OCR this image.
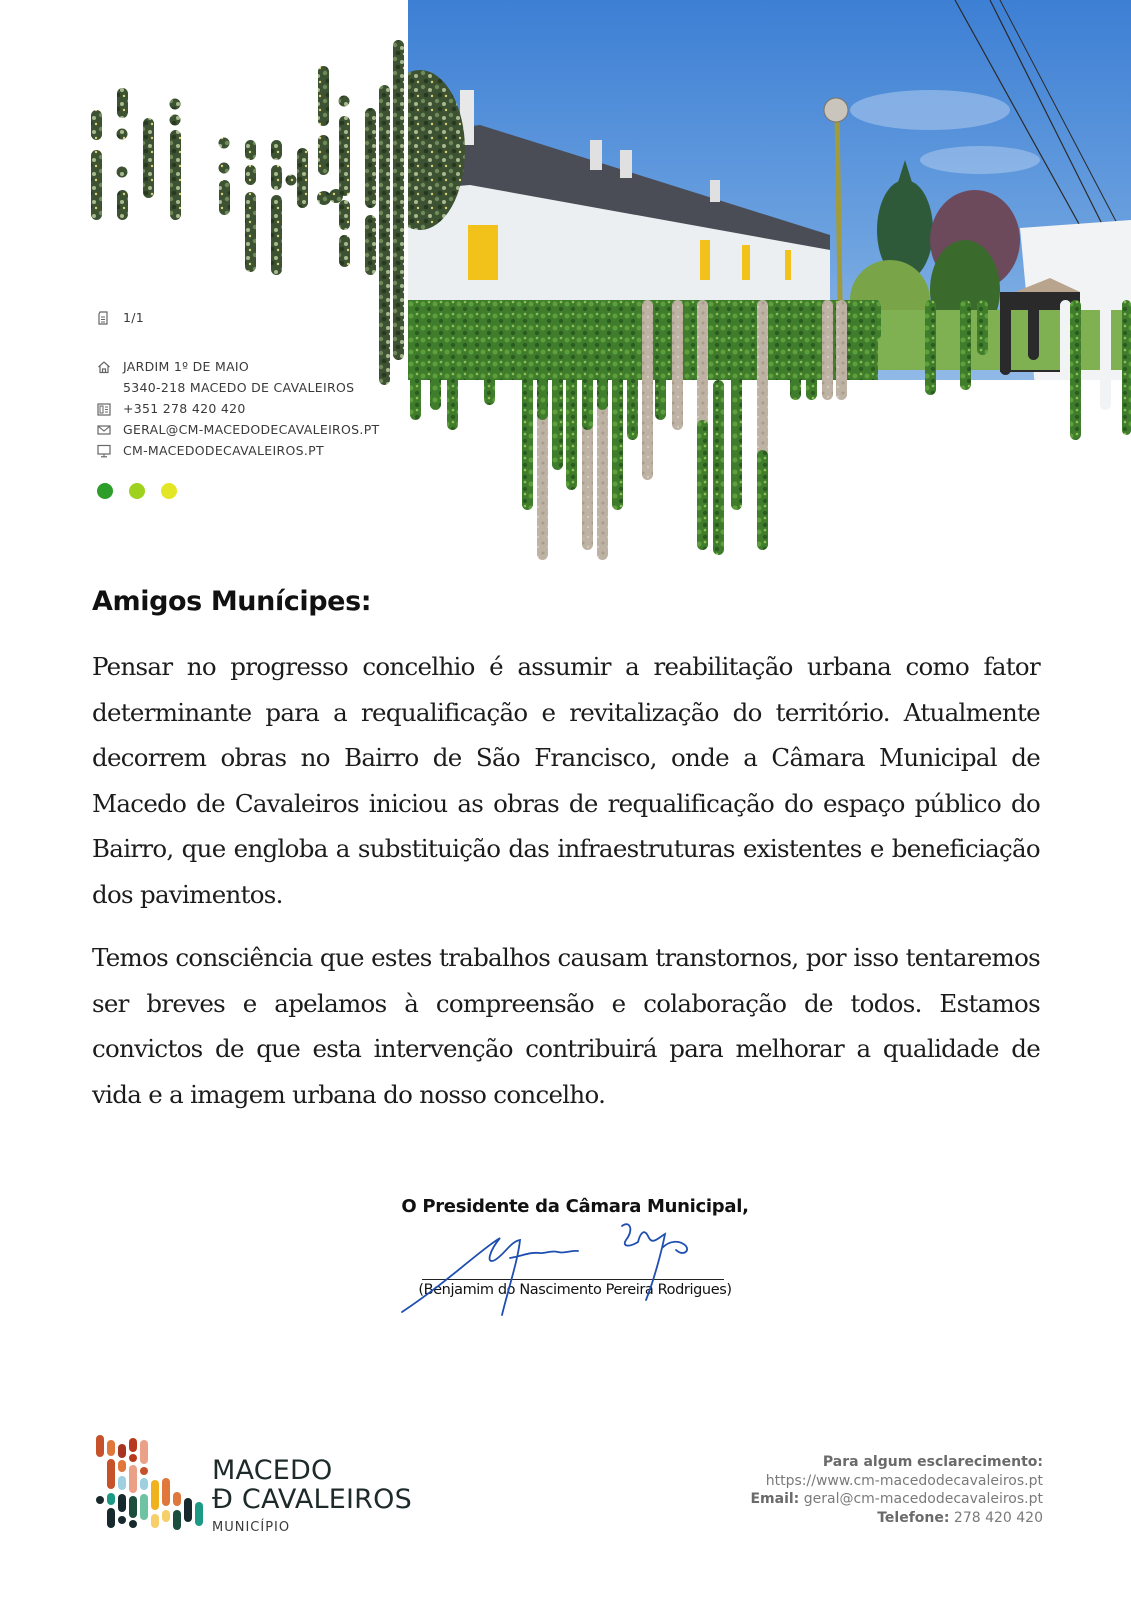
1/1
JARDIM 1º DE MAIO
5340-218 MACEDO DE CAVALEIROS
+351 278 420 420
GERAL@CM-MACEDODECAVALEIROS.PT
CM-MACEDODECAVALEIROS.PT
Amigos Munícipes:

Pensar no progresso concelhio é assumir a reabilitação urbana como fator determinante para a requalificação e revitalização do território. Atualmente decorrem obras no Bairro de São Francisco, onde a Câmara Municipal de Macedo de Cavaleiros iniciou as obras de requalificação do espaço público do Bairro, que engloba a substituição das infraestruturas existentes e beneficiação dos pavimentos.

Temos consciência que estes trabalhos causam transtornos, por isso tentaremos ser breves e apelamos à compreensão e colaboração de todos. Estamos convictos de que esta intervenção contribuirá para melhorar a qualidade de vida e a imagem urbana do nosso concelho.

O Presidente da Câmara Municipal,
(Benjamim do Nascimento Pereira Rodrigues)
MACEDO
Đ CAVALEIROS
MUNICÍPIO
Para algum esclarecimento:
https://www.cm-macedodecavaleiros.pt
Email: geral@cm-macedodecavaleiros.pt
Telefone: 278 420 420
